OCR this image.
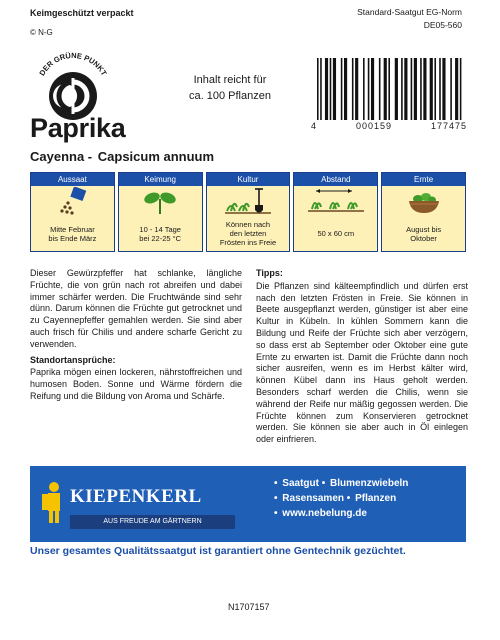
Keimgeschützt verpackt
© N-G
Standard-Saatgut EG-Norm
DE05-560
DER GRÜNE PUNKT
Inhalt reicht für
ca. 100 Pflanzen
4	000159	177475
Paprika
Cayenna - Capsicum annuum
Aussaat
Mitte Februar
bis Ende März
Keimung
10 - 14 Tage
bei 22-25 °C
Kultur
Können nach
den letzten
Frösten ins Freie
Abstand
50 x 60 cm
Ernte
August bis
Oktober

Dieser Gewürzpfeffer hat schlanke, längliche Früchte, die von grün nach rot abreifen und dabei immer schärfer werden. Die Fruchtwände sind sehr dünn. Darum können die Früchte gut getrocknet und zu Cayennepfeffer gemahlen werden. Sie sind aber auch frisch für Chilis und andere scharfe Gericht zu verwenden.

Standortansprüche:

Paprika mögen einen lockeren, nährstoffreichen und humosen Boden. Sonne und Wärme fördern die Reifung und die Bildung von Aroma und Schärfe.

Tipps:

Die Pflanzen sind kälteempfindlich und dürfen erst nach den letzten Frösten in Freie. Sie können in Beete ausgepflanzt werden, günstiger ist aber eine Kultur in Kübeln. In kühlen Sommern kann die Bildung und Reife der Früchte sich aber verzögern, so dass erst ab September oder Oktober eine gute Ernte zu erwarten ist. Damit die Früchte dann noch sicher ausreifen, wenn es im Herbst kälter wird, können Kübel dann ins Haus geholt werden. Besonders scharf werden die Chilis, wenn sie während der Reife nur mäßig gegossen werden. Die Früchte können zum Konservieren getrocknet werden. Sie können sie aber auch in Öl einlegen oder einfrieren.

KIEPENKERL
AUS FREUDE AM GÄRTNERN
• Saatgut • Blumenzwiebeln
• Rasensamen • Pflanzen
• www.nebelung.de
Unser gesamtes Qualitätssaatgut ist garantiert ohne Gentechnik gezüchtet.
N1707157
